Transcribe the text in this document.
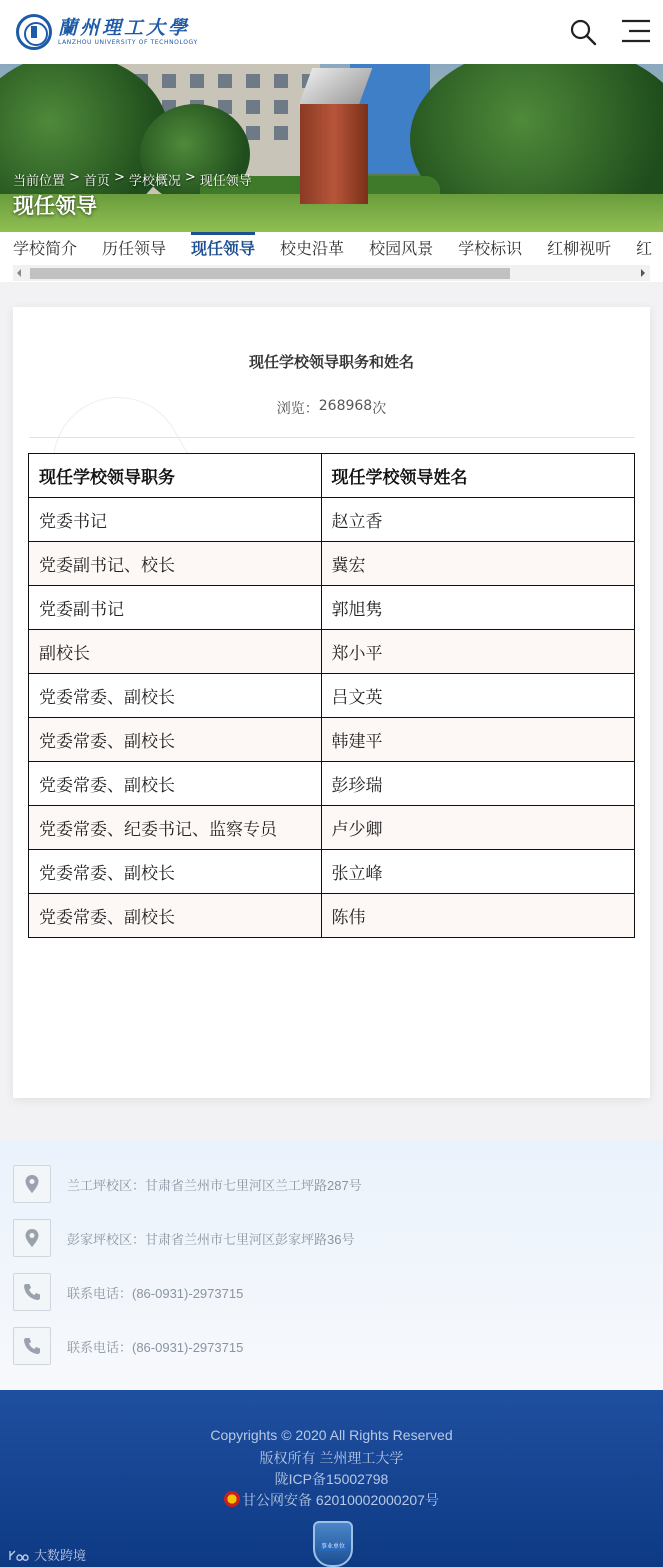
蘭州理工大學
LANZHOU UNIVERSITY OF TECHNOLOGY
当前位置 > 首页 > 学校概况 > 现任领导
现任领导
学校简介 历任领导 现任领导 校史沿革 校园风景 学校标识 红柳视听 红
现任学校领导职务和姓名
浏览： 268968 次
现任学校领导职务	现任学校领导姓名
党委书记	赵立香
党委副书记、校长	冀宏
党委副书记	郭旭隽
副校长	郑小平
党委常委、副校长	吕文英
党委常委、副校长	韩建平
党委常委、副校长	彭珍瑞
党委常委、纪委书记、监察专员	卢少卿
党委常委、副校长	张立峰
党委常委、副校长	陈伟
兰工坪校区：甘肃省兰州市七里河区兰工坪路287号
彭家坪校区：甘肃省兰州市七里河区彭家坪路36号
联系电话：(86-0931)-2973715
联系电话：(86-0931)-2973715
Copyrights © 2020 All Rights Reserved
版权所有 兰州理工大学
陇ICP备15002798
甘公网安备 62010002000207号
事业单位
大数跨境
